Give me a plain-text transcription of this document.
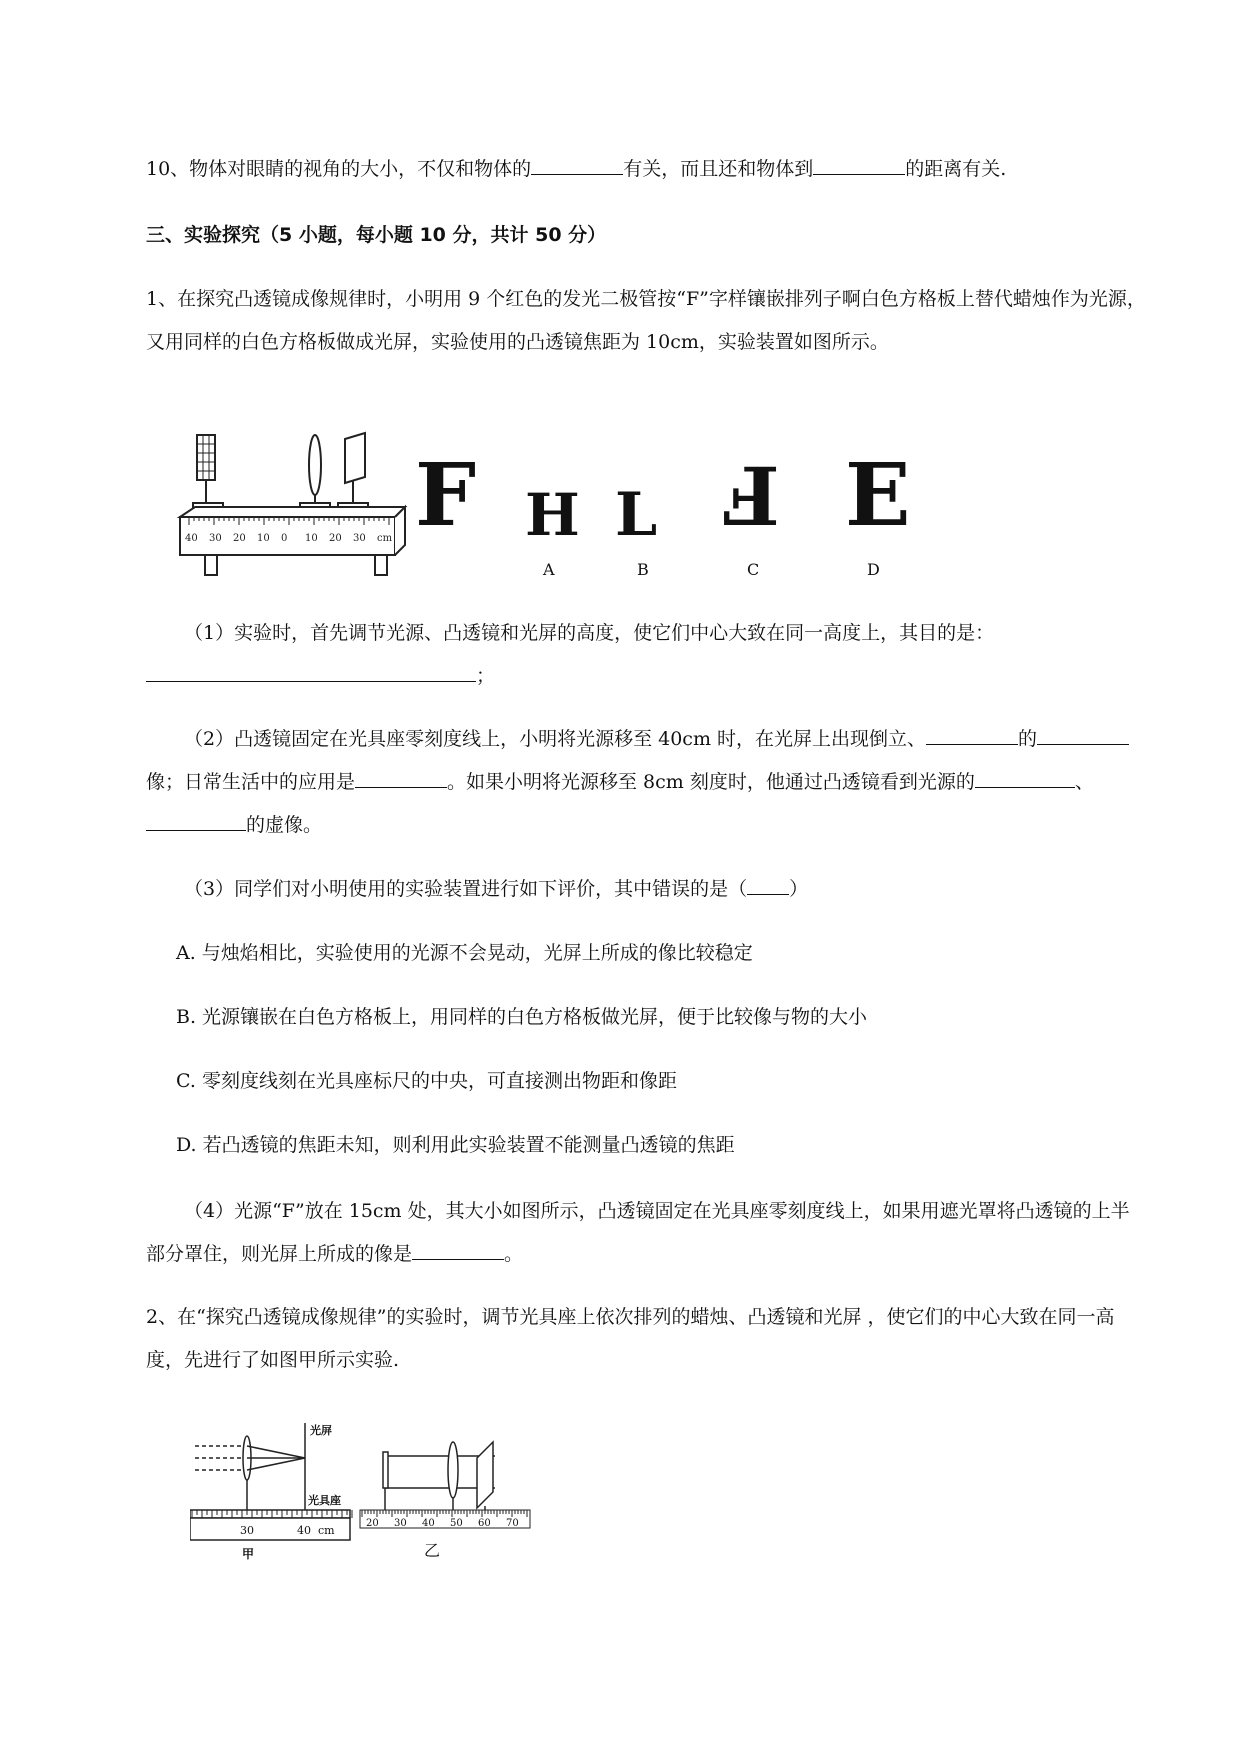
10、物体对眼睛的视角的大小，不仅和物体的	有关，而且还和物体到	的距离有关.

三、实验探究（5 小题，每小题 10 分，共计 50 分）

1、在探究凸透镜成像规律时，小明用 9 个红色的发光二极管按“F”字样镶嵌排列子啊白色方格板上替代蜡烛作为光源，又用同样的白色方格板做成光屏，实验使用的凸透镜焦距为 10cm，实验装置如图所示。

40 30 20 10 0 10 20 30 cm F H
A
L
B
Ⅎ
C
E
D

（1）实验时，首先调节光源、凸透镜和光屏的高度，使它们中心大致在同一高度上，其目的是：；

（2）凸透镜固定在光具座零刻度线上，小明将光源移至 40cm 时，在光屏上出现倒立、	的像；日常生活中的应用是	。如果小明将光源移至 8cm 刻度时，他通过凸透镜看到光源的	、的虚像。

（3）同学们对小明使用的实验装置进行如下评价，其中错误的是（ ）

A. 与烛焰相比，实验使用的光源不会晃动，光屏上所成的像比较稳定

B. 光源镶嵌在白色方格板上，用同样的白色方格板做光屏，便于比较像与物的大小

C. 零刻度线刻在光具座标尺的中央，可直接测出物距和像距

D. 若凸透镜的焦距未知，则利用此实验装置不能测量凸透镜的焦距

（4）光源“F”放在 15cm 处，其大小如图所示，凸透镜固定在光具座零刻度线上，如果用遮光罩将凸透镜的上半部分罩住，则光屏上所成的像是	。

2、在“探究凸透镜成像规律”的实验时，调节光具座上依次排列的蜡烛、凸透镜和光屏 ，使它们的中心大致在同一高度，先进行了如图甲所示实验.

光屏
光具座
30	40 cm
甲
20 30 40 50 60 70
乙
